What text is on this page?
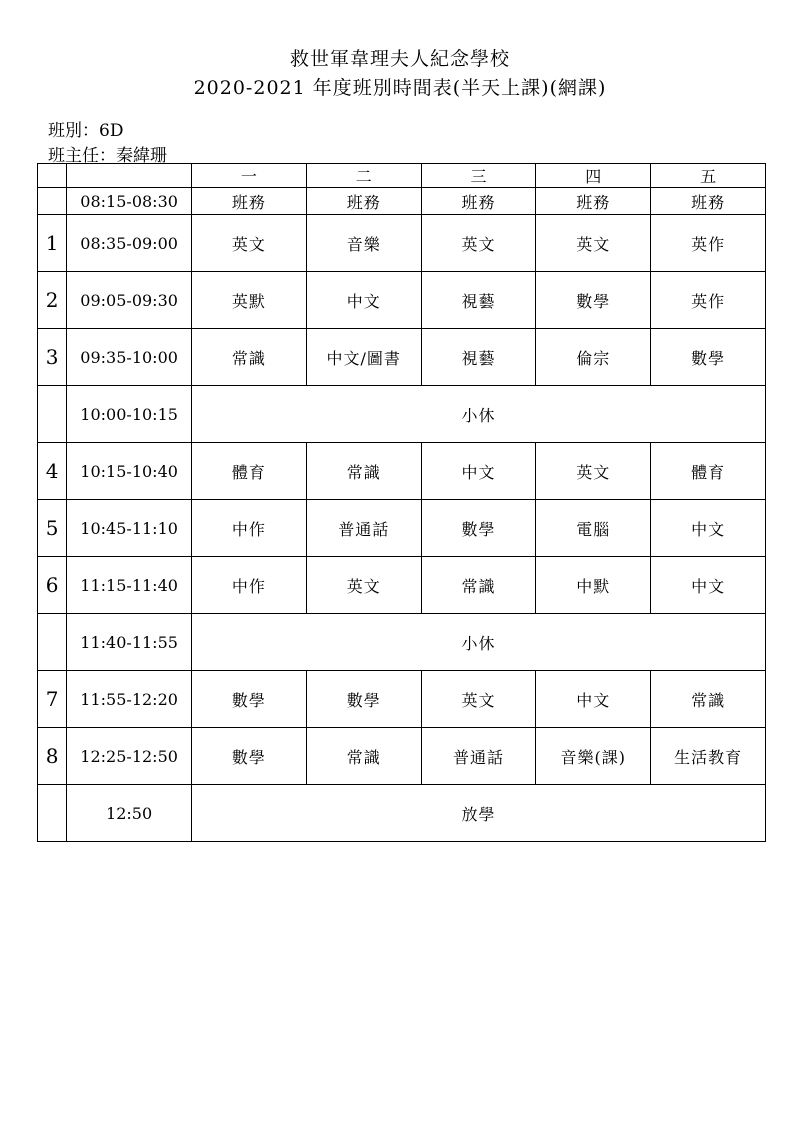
救世軍韋理夫人紀念學校
2020-2021 年度班別時間表(半天上課)(網課)
班別：6D
班主任：秦緯珊
		一	二	三	四	五
	08:15-08:30	班務	班務	班務	班務	班務
1	08:35-09:00	英文	音樂	英文	英文	英作
2	09:05-09:30	英默	中文	視藝	數學	英作
3	09:35-10:00	常識	中文/圖書	視藝	倫宗	數學
	10:00-10:15	小休				
4	10:15-10:40	體育	常識	中文	英文	體育
5	10:45-11:10	中作	普通話	數學	電腦	中文
6	11:15-11:40	中作	英文	常識	中默	中文
	11:40-11:55	小休				
7	11:55-12:20	數學	數學	英文	中文	常識
8	12:25-12:50	數學	常識	普通話	音樂(課)	生活教育
	12:50	放學				
